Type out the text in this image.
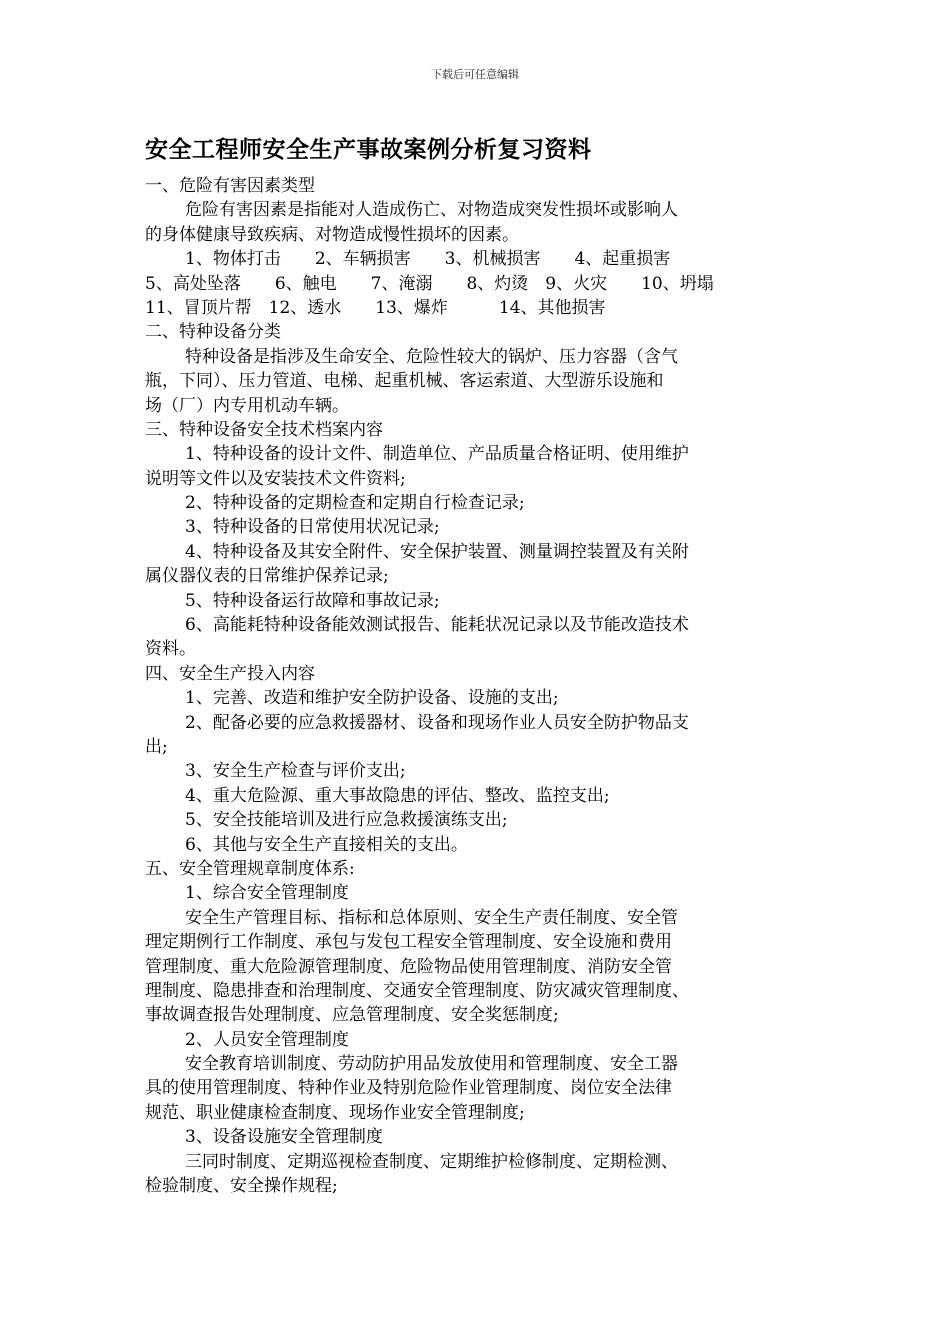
下载后可任意编辑
安全工程师安全生产事故案例分析复习资料
一、危险有害因素类型
危险有害因素是指能对人造成伤亡、对物造成突发性损坏或影响人
的身体健康导致疾病、对物造成慢性损坏的因素。
1、物体打击　　2、车辆损害　　3、机械损害　　4、起重损害
5、高处坠落　　6、触电　　7、淹溺　　8、灼烫　9、火灾　　10、坍塌
11、冒顶片帮　12、透水　　13、爆炸　　　14、其他损害
二、特种设备分类
特种设备是指涉及生命安全、危险性较大的锅炉、压力容器（含气
瓶，下同）、压力管道、电梯、起重机械、客运索道、大型游乐设施和
场（厂）内专用机动车辆。
三、特种设备安全技术档案内容
1、特种设备的设计文件、制造单位、产品质量合格证明、使用维护
说明等文件以及安装技术文件资料;
2、特种设备的定期检查和定期自行检查记录;
3、特种设备的日常使用状况记录;
4、特种设备及其安全附件、安全保护装置、测量调控装置及有关附
属仪器仪表的日常维护保养记录;
5、特种设备运行故障和事故记录;
6、高能耗特种设备能效测试报告、能耗状况记录以及节能改造技术
资料。
四、安全生产投入内容
1、完善、改造和维护安全防护设备、设施的支出;
2、配备必要的应急救援器材、设备和现场作业人员安全防护物品支
出;
3、安全生产检查与评价支出;
4、重大危险源、重大事故隐患的评估、整改、监控支出;
5、安全技能培训及进行应急救援演练支出;
6、其他与安全生产直接相关的支出。
五、安全管理规章制度体系:
1、综合安全管理制度
安全生产管理目标、指标和总体原则、安全生产责任制度、安全管
理定期例行工作制度、承包与发包工程安全管理制度、安全设施和费用
管理制度、重大危险源管理制度、危险物品使用管理制度、消防安全管
理制度、隐患排查和治理制度、交通安全管理制度、防灾减灾管理制度、
事故调查报告处理制度、应急管理制度、安全奖惩制度;
2、人员安全管理制度
安全教育培训制度、劳动防护用品发放使用和管理制度、安全工器
具的使用管理制度、特种作业及特别危险作业管理制度、岗位安全法律
规范、职业健康检查制度、现场作业安全管理制度;
3、设备设施安全管理制度
三同时制度、定期巡视检查制度、定期维护检修制度、定期检测、
检验制度、安全操作规程;
